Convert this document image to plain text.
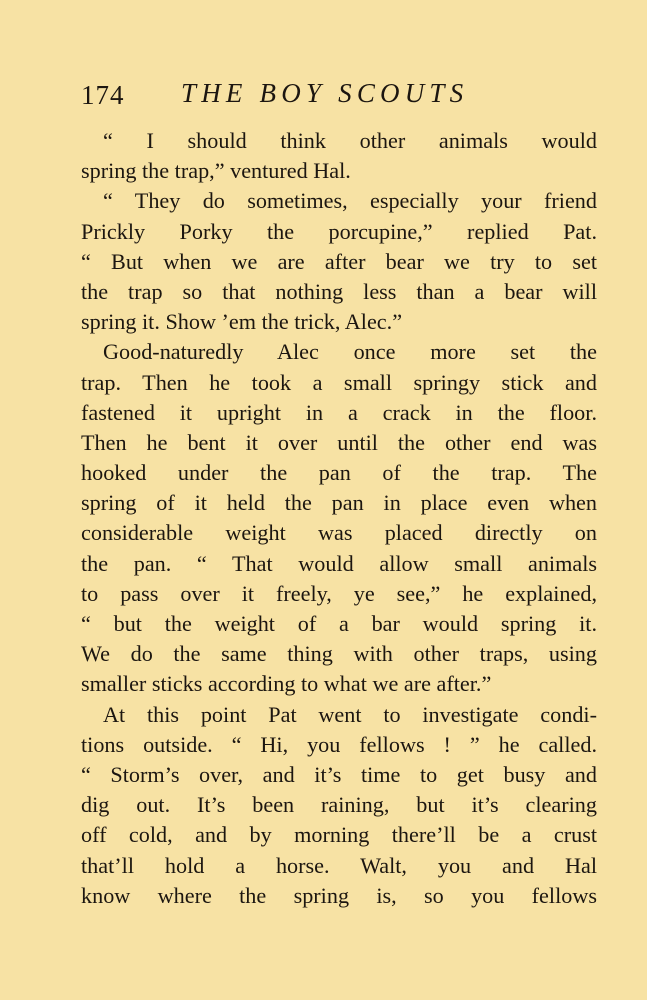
174 THE BOY SCOUTS
“ I should think other animals would
spring the trap,” ventured Hal.
“ They do sometimes, especially your friend
Prickly Porky the porcupine,” replied Pat.
“ But when we are after bear we try to set
the trap so that nothing less than a bear will
spring it. Show ’em the trick, Alec.”
Good-naturedly Alec once more set the
trap. Then he took a small springy stick and
fastened it upright in a crack in the floor.
Then he bent it over until the other end was
hooked under the pan of the trap. The
spring of it held the pan in place even when
considerable weight was placed directly on
the pan. “ That would allow small animals
to pass over it freely, ye see,” he explained,
“ but the weight of a bar would spring it.
We do the same thing with other traps, using
smaller sticks according to what we are after.”
At this point Pat went to investigate condi-
tions outside. “ Hi, you fellows ! ” he called.
“ Storm’s over, and it’s time to get busy and
dig out. It’s been raining, but it’s clearing
off cold, and by morning there’ll be a crust
that’ll hold a horse. Walt, you and Hal
know where the spring is, so you fellows
